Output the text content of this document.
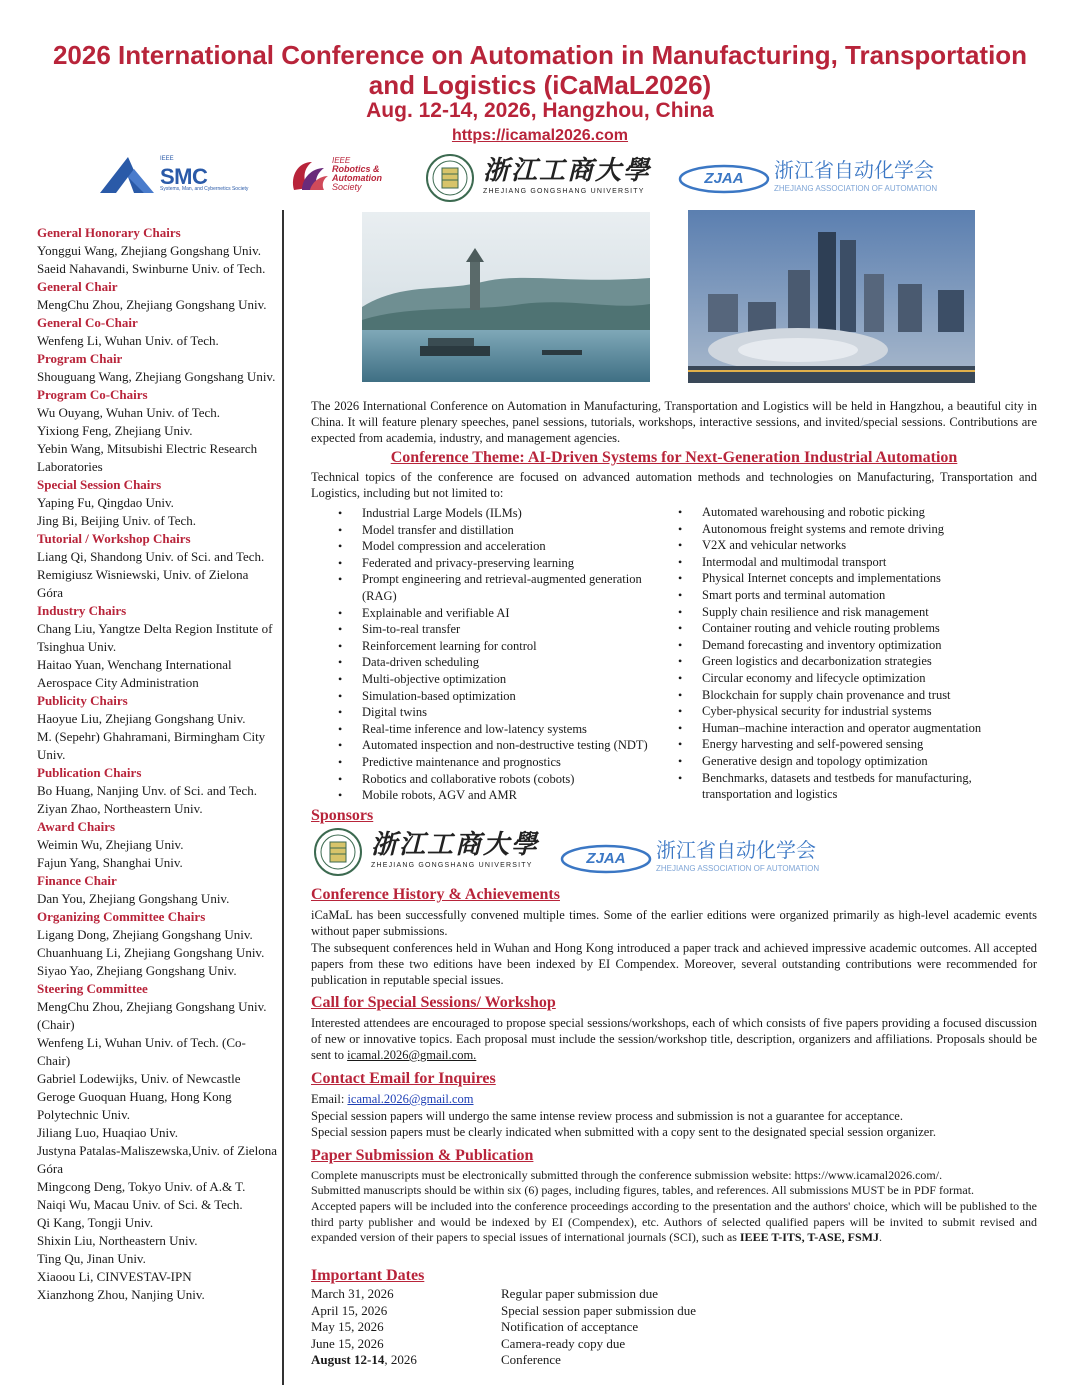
2026 International Conference on Automation in Manufacturing, Transportation
and Logistics (iCaMaL2026)
Aug. 12-14, 2026, Hangzhou, China
https://icamal2026.com
IEEE
SMC
Systems, Man, and Cybernetics Society
IEEE
Robotics &
Automation
Society
浙江工商大學
ZHEJIANG GONGSHANG UNIVERSITY
ZJAA 浙江省自动化学会
ZHEJIANG ASSOCIATION OF AUTOMATION
General Honorary Chairs
Yonggui Wang, Zhejiang Gongshang Univ.
Saeid Nahavandi, Swinburne Univ. of Tech.
General Chair
MengChu Zhou, Zhejiang Gongshang Univ.
General Co-Chair
Wenfeng Li, Wuhan Univ. of Tech.
Program Chair
Shouguang Wang, Zhejiang Gongshang Univ.
Program Co-Chairs
Wu Ouyang, Wuhan Univ. of Tech.
Yixiong Feng, Zhejiang Univ.
Yebin Wang, Mitsubishi Electric Research Laboratories
Special Session Chairs
Yaping Fu, Qingdao Univ.
Jing Bi, Beijing Univ. of Tech.
Tutorial / Workshop Chairs
Liang Qi, Shandong Univ. of Sci. and Tech.
Remigiusz Wisniewski, Univ. of Zielona Góra
Industry Chairs
Chang Liu, Yangtze Delta Region Institute of Tsinghua Univ.
Haitao Yuan, Wenchang International Aerospace City Administration
Publicity Chairs
Haoyue Liu, Zhejiang Gongshang Univ.
M. (Sepehr) Ghahramani, Birmingham City Univ.
Publication Chairs
Bo Huang, Nanjing Unv. of Sci. and Tech.
Ziyan Zhao, Northeastern Univ.
Award Chairs
Weimin Wu, Zhejiang Univ.
Fajun Yang, Shanghai Univ.
Finance Chair
Dan You, Zhejiang Gongshang Univ.
Organizing Committee Chairs
Ligang Dong, Zhejiang Gongshang Univ.
Chuanhuang Li, Zhejiang Gongshang Univ.
Siyao Yao, Zhejiang Gongshang Univ.
Steering Committee
MengChu Zhou, Zhejiang Gongshang Univ. (Chair)
Wenfeng Li, Wuhan Univ. of Tech. (Co-Chair)
Gabriel Lodewijks, Univ. of Newcastle
Geroge Guoquan Huang, Hong Kong Polytechnic Univ.
Jiliang Luo, Huaqiao Univ.
Justyna Patalas-Maliszewska,Univ. of Zielona Góra
Mingcong Deng, Tokyo Univ. of A.& T.
Naiqi Wu, Macau Univ. of Sci. & Tech.
Qi Kang, Tongji Univ.
Shixin Liu, Northeastern Univ.
Ting Qu, Jinan Univ.
Xiaoou Li, CINVESTAV-IPN
Xianzhong Zhou, Nanjing Univ.
The 2026 International Conference on Automation in Manufacturing, Transportation and Logistics will be held in Hangzhou, a beautiful city in China. It will feature plenary speeches, panel sessions, tutorials, workshops, interactive sessions, and invited/special sessions. Contributions are expected from academia, industry, and management agencies.
Conference Theme: AI-Driven Systems for Next-Generation Industrial Automation
Technical topics of the conference are focused on advanced automation methods and technologies on Manufacturing, Transportation and Logistics, including but not limited to:
• Industrial Large Models (ILMs)
• Model transfer and distillation
• Model compression and acceleration
• Federated and privacy-preserving learning
• Prompt engineering and retrieval-augmented generation (RAG)
• Explainable and verifiable AI
• Sim-to-real transfer
• Reinforcement learning for control
• Data-driven scheduling
• Multi-objective optimization
• Simulation-based optimization
• Digital twins
• Real-time inference and low-latency systems
• Automated inspection and non-destructive testing (NDT)
• Predictive maintenance and prognostics
• Robotics and collaborative robots (cobots)
• Mobile robots, AGV and AMR
• Automated warehousing and robotic picking
• Autonomous freight systems and remote driving
• V2X and vehicular networks
• Intermodal and multimodal transport
• Physical Internet concepts and implementations
• Smart ports and terminal automation
• Supply chain resilience and risk management
• Container routing and vehicle routing problems
• Demand forecasting and inventory optimization
• Green logistics and decarbonization strategies
• Circular economy and lifecycle optimization
• Blockchain for supply chain provenance and trust
• Cyber-physical security for industrial systems
• Human–machine interaction and operator augmentation
• Energy harvesting and self-powered sensing
• Generative design and topology optimization
• Benchmarks, datasets and testbeds for manufacturing, transportation and logistics
Sponsors
浙江工商大學
ZHEJIANG GONGSHANG UNIVERSITY	ZJAA 浙江省自动化学会
ZHEJIANG ASSOCIATION OF AUTOMATION
Conference History & Achievements
iCaMaL has been successfully convened multiple times. Some of the earlier editions were organized primarily as high-level academic events without paper submissions.
The subsequent conferences held in Wuhan and Hong Kong introduced a paper track and achieved impressive academic outcomes. All accepted papers from these two editions have been indexed by EI Compendex. Moreover, several outstanding contributions were recommended for publication in reputable special issues.
Call for Special Sessions/ Workshop
Interested attendees are encouraged to propose special sessions/workshops, each of which consists of five papers providing a focused discussion of new or innovative topics. Each proposal must include the session/workshop title, description, organizers and affiliations. Proposals should be sent to icamal.2026@gmail.com.
Contact Email for Inquires
Email: icamal.2026@gmail.com
Special session papers will undergo the same intense review process and submission is not a guarantee for acceptance.
Special session papers must be clearly indicated when submitted with a copy sent to the designated special session organizer.
Paper Submission & Publication
Complete manuscripts must be electronically submitted through the conference submission website: https://www.icamal2026.com/.
Submitted manuscripts should be within six (6) pages, including figures, tables, and references. All submissions MUST be in PDF format.
Accepted papers will be included into the conference proceedings according to the presentation and the authors' choice, which will be published to the third party publisher and would be indexed by EI (Compendex), etc. Authors of selected qualified papers will be invited to submit revised and expanded version of their papers to special issues of international journals (SCI), such as IEEE T-ITS, T-ASE, FSMJ.
Important Dates
March 31, 2026	Regular paper submission due
April 15, 2026	Special session paper submission due
May 15, 2026	Notification of acceptance
June 15, 2026	Camera-ready copy due
August 12-14, 2026	Conference
